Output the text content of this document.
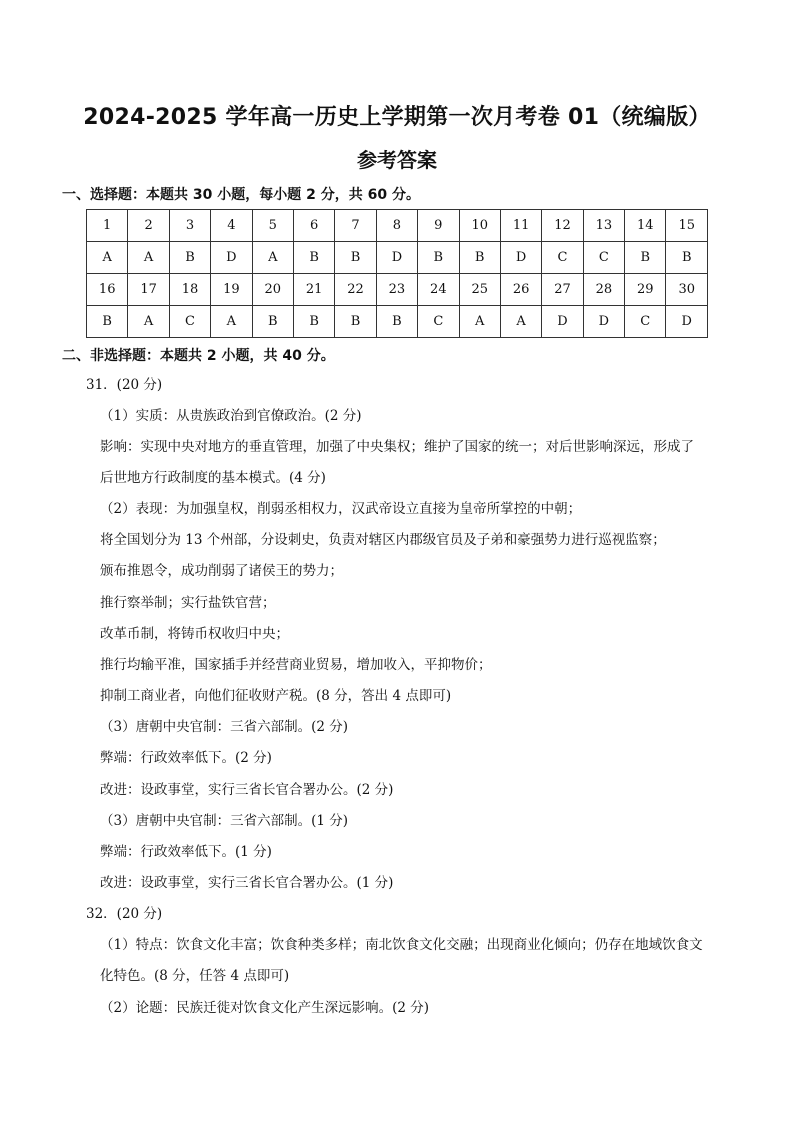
2024-2025 学年高一历史上学期第一次月考卷 01（统编版）
参考答案
一、选择题：本题共 30 小题，每小题 2 分，共 60 分。
1	2	3	4	5	6	7	8	9	10	11	12	13	14	15
A	A	B	D	A	B	B	D	B	B	D	C	C	B	B
16	17	18	19	20	21	22	23	24	25	26	27	28	29	30
B	A	C	A	B	B	B	B	C	A	A	D	D	C	D
二、非选择题：本题共 2 小题，共 40 分。
31．(20 分)
（1）实质：从贵族政治到官僚政治。(2 分)
影响：实现中央对地方的垂直管理，加强了中央集权；维护了国家的统一；对后世影响深远，形成了
后世地方行政制度的基本模式。(4 分)
（2）表现：为加强皇权，削弱丞相权力，汉武帝设立直接为皇帝所掌控的中朝；
将全国划分为 13 个州部，分设刺史，负责对辖区内郡级官员及子弟和豪强势力进行巡视监察；
颁布推恩令，成功削弱了诸侯王的势力；
推行察举制；实行盐铁官营；
改革币制，将铸币权收归中央；
推行均输平准，国家插手并经营商业贸易，增加收入，平抑物价；
抑制工商业者，向他们征收财产税。(8 分，答出 4 点即可)
（3）唐朝中央官制：三省六部制。(2 分)
弊端：行政效率低下。(2 分)
改进：设政事堂，实行三省长官合署办公。(2 分)
（3）唐朝中央官制：三省六部制。(1 分)
弊端：行政效率低下。(1 分)
改进：设政事堂，实行三省长官合署办公。(1 分)
32．(20 分)
（1）特点：饮食文化丰富；饮食种类多样；南北饮食文化交融；出现商业化倾向；仍存在地域饮食文
化特色。(8 分，任答 4 点即可)
（2）论题：民族迁徙对饮食文化产生深远影响。(2 分)
